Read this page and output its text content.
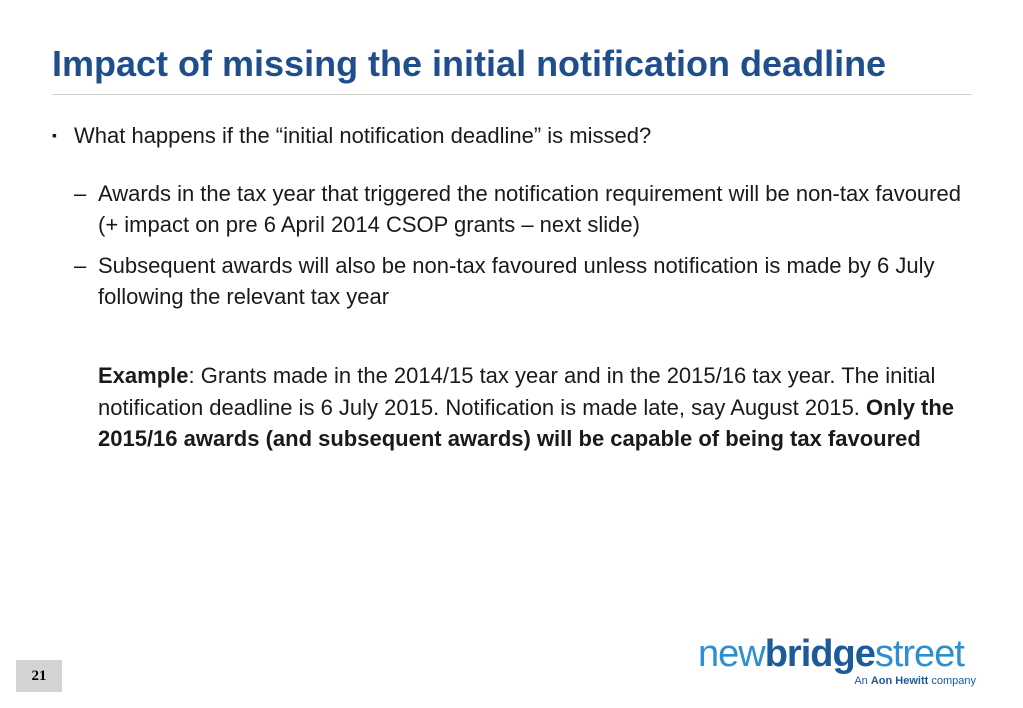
Impact of missing the initial notification deadline
▪ What happens if the “initial notification deadline” is missed?
– Awards in the tax year that triggered the notification requirement will be non-tax favoured (+ impact on pre 6 April 2014 CSOP grants – next slide)
– Subsequent awards will also be non-tax favoured unless notification is made by 6 July following the relevant tax year
Example: Grants made in the 2014/15 tax year and in the 2015/16 tax year. The initial notification deadline is 6 July 2015. Notification is made late, say August 2015. Only the 2015/16 awards (and subsequent awards) will be capable of being tax favoured
21
newbridgestreet
An Aon Hewitt company
